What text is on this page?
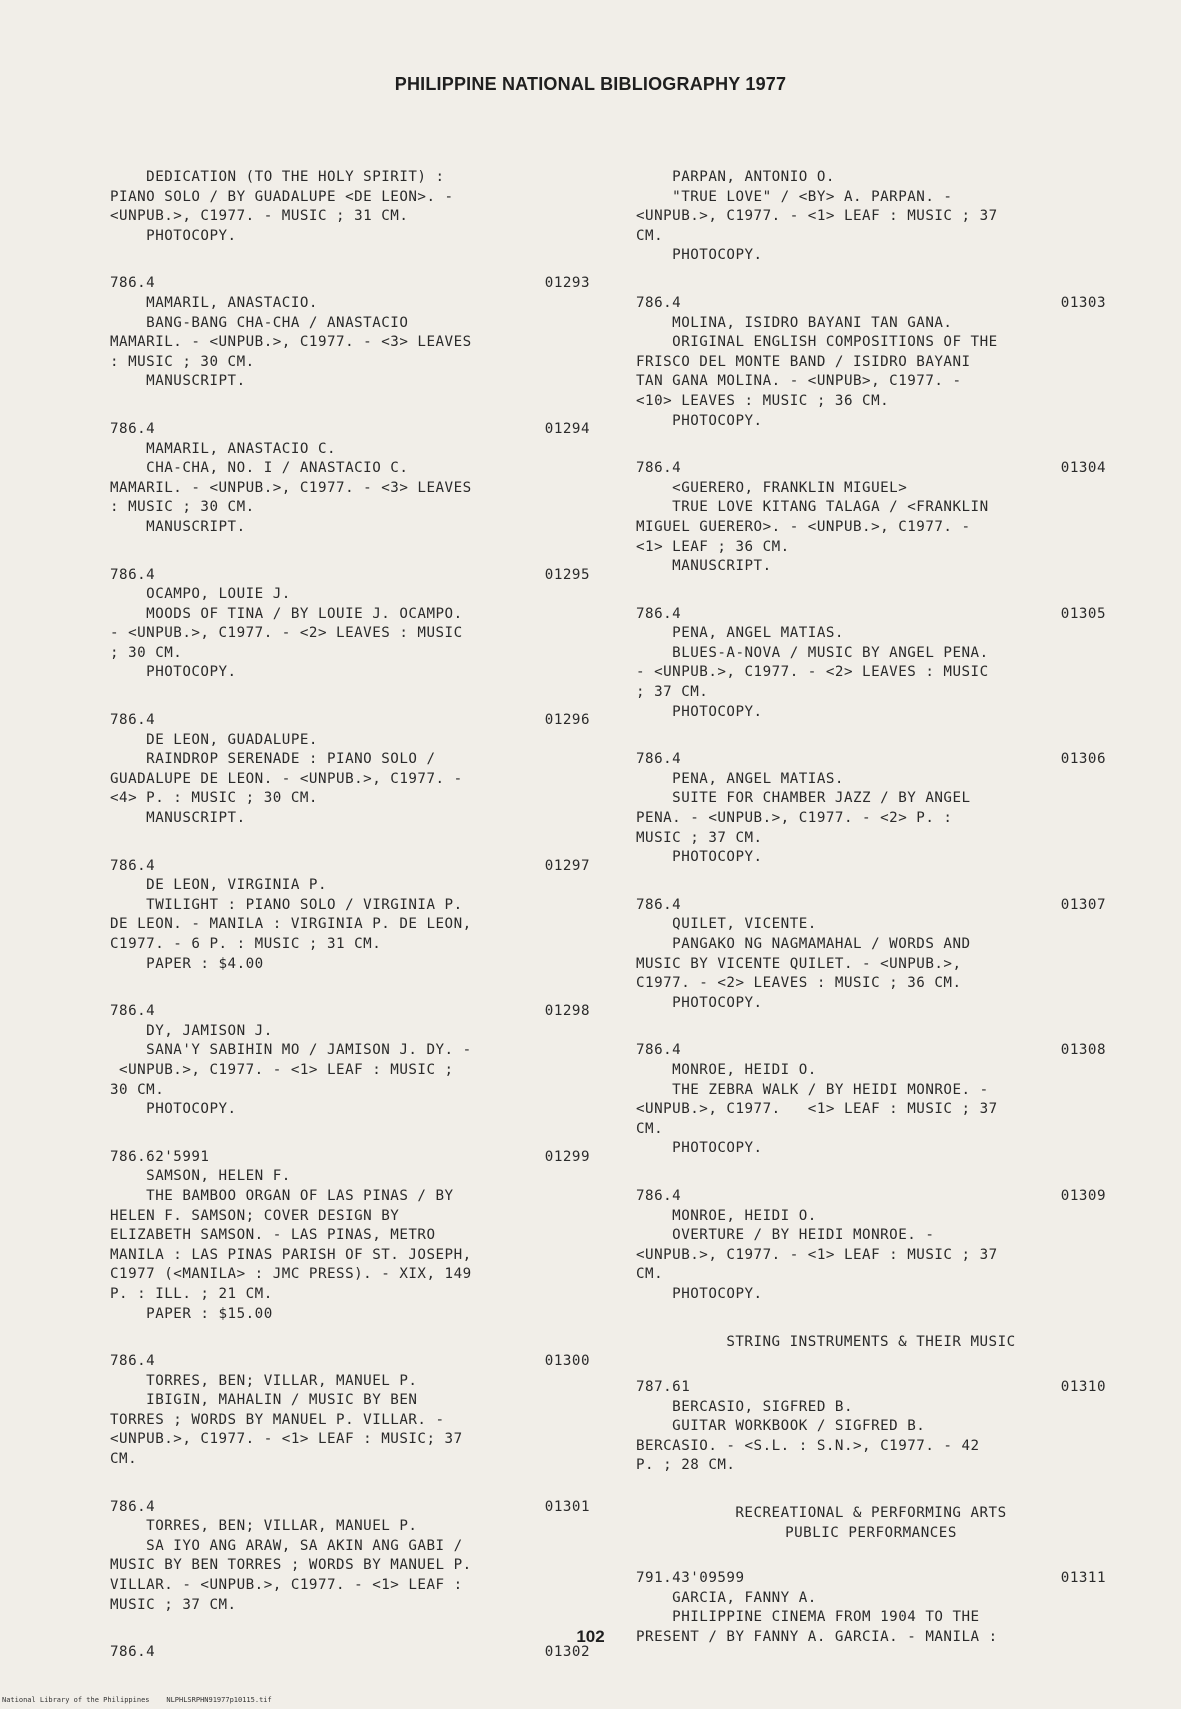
PHILIPPINE NATIONAL BIBLIOGRAPHY 1977
DEDICATION (TO THE HOLY SPIRIT) :
PIANO SOLO / BY GUADALUPE <DE LEON>. -
<UNPUB.>, C1977. - MUSIC ; 31 CM.
PHOTOCOPY.
786.4	01293
MAMARIL, ANASTACIO.
BANG-BANG CHA-CHA / ANASTACIO
MAMARIL. - <UNPUB.>, C1977. - <3> LEAVES
: MUSIC ; 30 CM.
MANUSCRIPT.
786.4	01294
MAMARIL, ANASTACIO C.
CHA-CHA, NO. I / ANASTACIO C.
MAMARIL. - <UNPUB.>, C1977. - <3> LEAVES
: MUSIC ; 30 CM.
MANUSCRIPT.
786.4	01295
OCAMPO, LOUIE J.
MOODS OF TINA / BY LOUIE J. OCAMPO.
- <UNPUB.>, C1977. - <2> LEAVES : MUSIC
; 30 CM.
PHOTOCOPY.
786.4	01296
DE LEON, GUADALUPE.
RAINDROP SERENADE : PIANO SOLO /
GUADALUPE DE LEON. - <UNPUB.>, C1977. -
<4> P. : MUSIC ; 30 CM.
MANUSCRIPT.
786.4	01297
DE LEON, VIRGINIA P.
TWILIGHT : PIANO SOLO / VIRGINIA P.
DE LEON. - MANILA : VIRGINIA P. DE LEON,
C1977. - 6 P. : MUSIC ; 31 CM.
PAPER : $4.00
786.4	01298
DY, JAMISON J.
SANA'Y SABIHIN MO / JAMISON J. DY. -
<UNPUB.>, C1977. - <1> LEAF : MUSIC ;
30 CM.
PHOTOCOPY.
786.62'5991	01299
SAMSON, HELEN F.
THE BAMBOO ORGAN OF LAS PINAS / BY
HELEN F. SAMSON; COVER DESIGN BY
ELIZABETH SAMSON. - LAS PINAS, METRO
MANILA : LAS PINAS PARISH OF ST. JOSEPH,
C1977 (<MANILA> : JMC PRESS). - XIX, 149
P. : ILL. ; 21 CM.
PAPER : $15.00
786.4	01300
TORRES, BEN; VILLAR, MANUEL P.
IBIGIN, MAHALIN / MUSIC BY BEN
TORRES ; WORDS BY MANUEL P. VILLAR. -
<UNPUB.>, C1977. - <1> LEAF : MUSIC; 37
CM.
786.4	01301
TORRES, BEN; VILLAR, MANUEL P.
SA IYO ANG ARAW, SA AKIN ANG GABI /
MUSIC BY BEN TORRES ; WORDS BY MANUEL P.
VILLAR. - <UNPUB.>, C1977. - <1> LEAF :
MUSIC ; 37 CM.
786.4	01302
PARPAN, ANTONIO O.
"TRUE LOVE" / <BY> A. PARPAN. -
<UNPUB.>, C1977. - <1> LEAF : MUSIC ; 37
CM.
PHOTOCOPY.
786.4	01303
MOLINA, ISIDRO BAYANI TAN GANA.
ORIGINAL ENGLISH COMPOSITIONS OF THE
FRISCO DEL MONTE BAND / ISIDRO BAYANI
TAN GANA MOLINA. - <UNPUB>, C1977. -
<10> LEAVES : MUSIC ; 36 CM.
PHOTOCOPY.
786.4	01304
<GUERERO, FRANKLIN MIGUEL>
TRUE LOVE KITANG TALAGA / <FRANKLIN
MIGUEL GUERERO>. - <UNPUB.>, C1977. -
<1> LEAF ; 36 CM.
MANUSCRIPT.
786.4	01305
PENA, ANGEL MATIAS.
BLUES-A-NOVA / MUSIC BY ANGEL PENA.
- <UNPUB.>, C1977. - <2> LEAVES : MUSIC
; 37 CM.
PHOTOCOPY.
786.4	01306
PENA, ANGEL MATIAS.
SUITE FOR CHAMBER JAZZ / BY ANGEL
PENA. - <UNPUB.>, C1977. - <2> P. :
MUSIC ; 37 CM.
PHOTOCOPY.
786.4	01307
QUILET, VICENTE.
PANGAKO NG NAGMAMAHAL / WORDS AND
MUSIC BY VICENTE QUILET. - <UNPUB.>,
C1977. - <2> LEAVES : MUSIC ; 36 CM.
PHOTOCOPY.
786.4	01308
MONROE, HEIDI O.
THE ZEBRA WALK / BY HEIDI MONROE. -
<UNPUB.>, C1977.   <1> LEAF : MUSIC ; 37
CM.
PHOTOCOPY.
786.4	01309
MONROE, HEIDI O.
OVERTURE / BY HEIDI MONROE. -
<UNPUB.>, C1977. - <1> LEAF : MUSIC ; 37
CM.
PHOTOCOPY.
STRING INSTRUMENTS & THEIR MUSIC
787.61	01310
BERCASIO, SIGFRED B.
GUITAR WORKBOOK / SIGFRED B.
BERCASIO. - <S.L. : S.N.>, C1977. - 42
P. ; 28 CM.
RECREATIONAL & PERFORMING ARTS
PUBLIC PERFORMANCES
791.43'09599	01311
GARCIA, FANNY A.
PHILIPPINE CINEMA FROM 1904 TO THE
PRESENT / BY FANNY A. GARCIA. - MANILA :
102
National Library of the Philippines    NLPHLSRPHN91977p10115.tif
